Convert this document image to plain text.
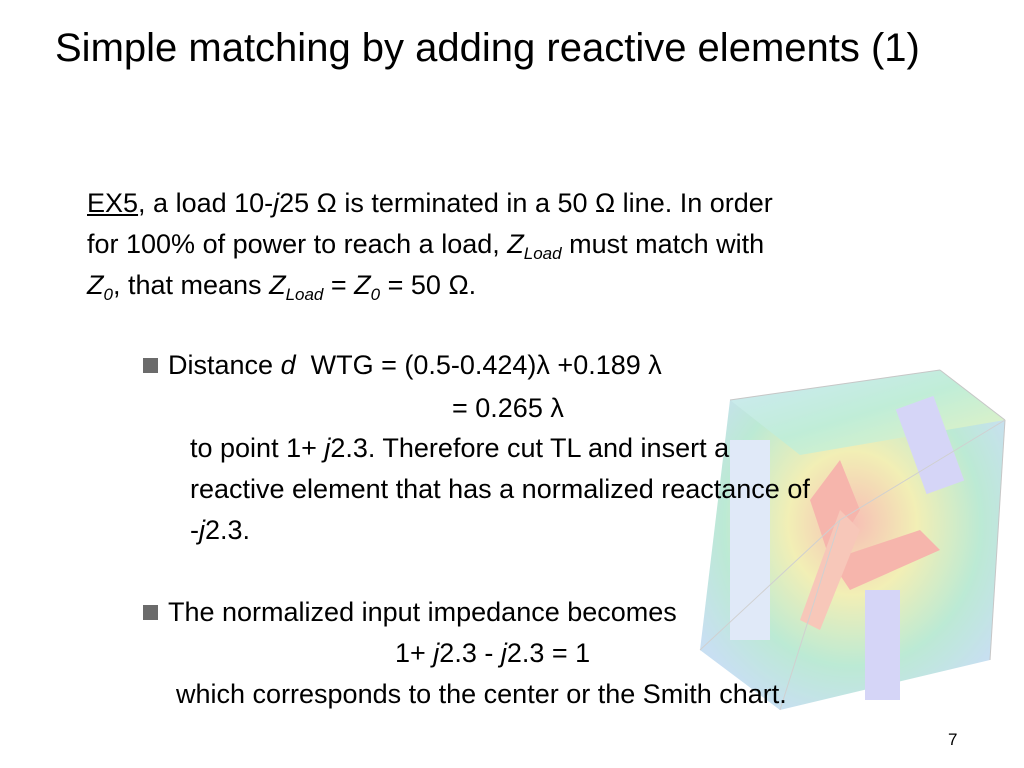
Simple matching by adding reactive elements (1)
EX5, a load 10-j25 Ω is terminated in a 50 Ω line. In order
for 100% of power to reach a load, $Z_{Load}$ must match with
$Z_0$, that means $Z_{Load} = Z_0 = 50$ Ω.
Distance d  WTG = (0.5-0.424)λ +0.189 λ
= 0.265 λ
to point 1+ j2.3. Therefore cut TL and insert a
reactive element that has a normalized reactance of
-j2.3.
The normalized input impedance becomes
1+ j2.3 - j2.3 = 1
which corresponds to the center or the Smith chart.
7
